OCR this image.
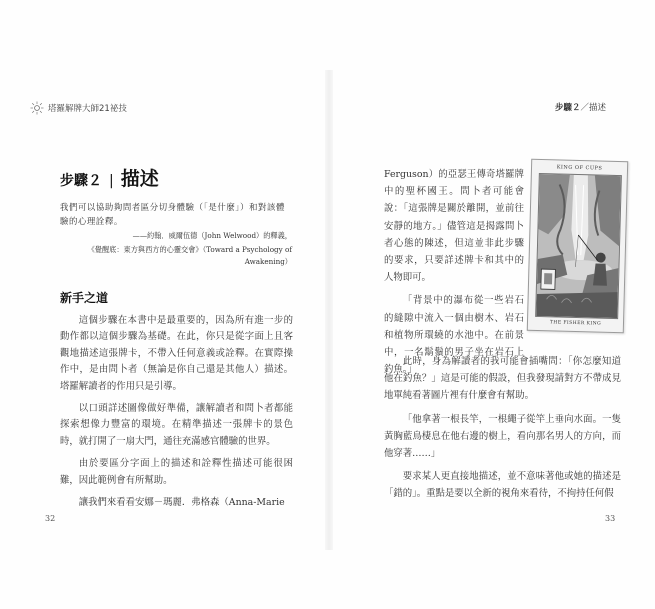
塔羅解牌大師21祕技	步驟２／描述
步驟２ | 描述
我們可以協助夠問者區分切身體驗（「是什麼」）和對該體驗的心理詮釋。
——約翰．威爾伍德（John Welwood）的釋義，
《覺醒底：東方與西方的心靈交會》（Toward a Psychology of Awakening）
新手之道

這個步驟在本書中是最重要的，因為所有進一步的動作都以這個步驟為基礎。在此，你只是從字面上且客觀地描述這張牌卡，不帶入任何意義或詮釋。在實際操作中，是由問卜者（無論是你自己還是其他人）描述。塔羅解讀者的作用只是引導。

以口頭詳述圖像做好準備，讓解讀者和問卜者都能探索想像力豐富的環境。在精準描述一張牌卡的景色時，就打開了一扇大門，通往充滿感官體驗的世界。

由於要區分字面上的描述和詮釋性描述可能很困難，因此範例會有所幫助。

讓我們來看看安娜－瑪麗．弗格森（Anna-Marie

32

Ferguson）的亞瑟王傳奇塔羅牌中的聖杯國王。問卜者可能會說：「這張牌是關於離開，並前往安靜的地方。」儘管這是揭露問卜者心態的陳述，但這並非此步驟的要求，只要詳述牌卡和其中的人物即可。

「背景中的瀑布從一些岩石的縫隙中流入一個由樹木、岩石和植物所環繞的水池中。在前景中，一名鬍鬚的男子坐在岩石上釣魚。」

此時，身為解讀者的我可能會插嘴問：「你怎麼知道他在釣魚？」這是可能的假設，但我發現請對方不帶成見地單純看著圖片裡有什麼會有幫助。

「他拿著一根長竿，一根繩子從竿上垂向水面。一隻黃胸藍鳥棲息在他右邊的樹上，看向那名男人的方向，而他穿著……」

要求某人更直接地描述，並不意味著他或她的描述是「錯的」。重點是要以全新的視角來看待，不拘持任何假

KING OF CUPS
THE FISHER KING
33
